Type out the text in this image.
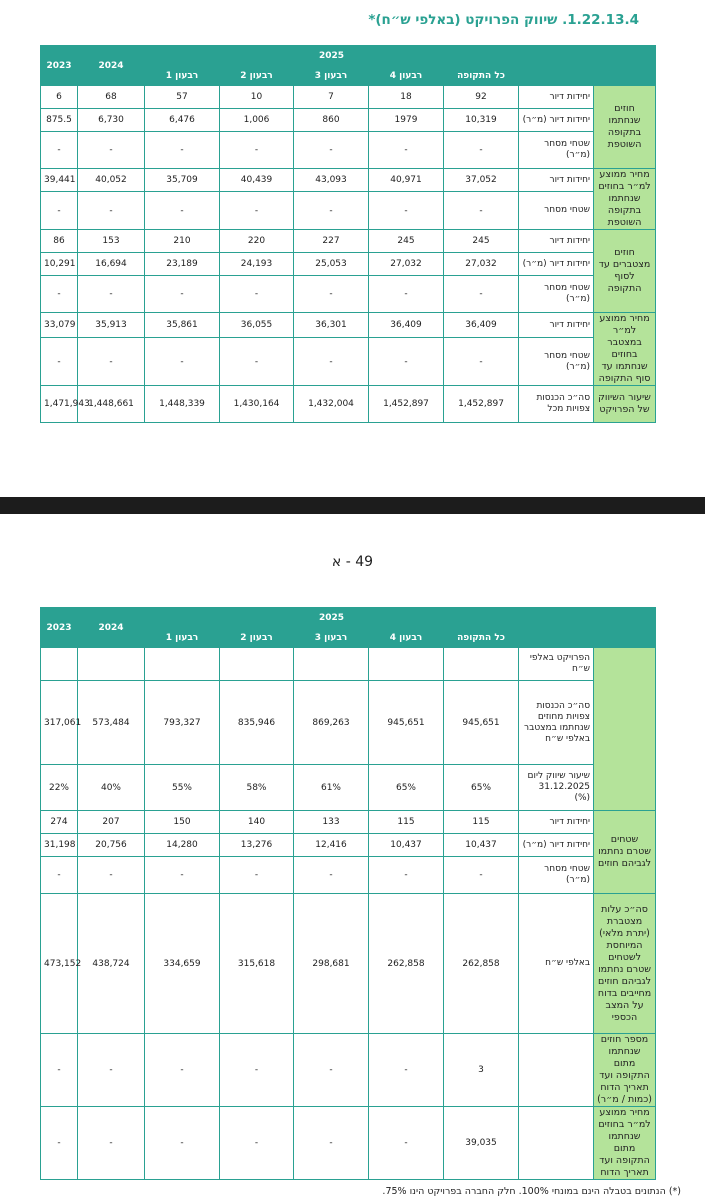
1.22.13.4. שיווק הפרויקט (באלפי ש״ח)*
2023	2024	2025						
		רבעון 1	רבעון 2	רבעון 3	רבעון 4	כל התקופה		
6	68	57	10	7	18	92	יחידות דיור	חוזים שנחתמו בתקופה השוטפת
875.5	6,730	6,476	1,006	860	1979	10,319	יחידות דיור (מ״ר)	
-	-	-	-	-	-	-	שטחי מסחר (מ״ר)	
39,441	40,052	35,709	40,439	43,093	40,971	37,052	יחידות דיור	מחיר ממוצע למ״ר בחוזים שנחתמו בתקופה השוטפת
-	-	-	-	-	-	-	שטחי מסחר	
86	153	210	220	227	245	245	יחידות דיור	חוזים מצטברים עד לסוף התקופה
10,291	16,694	23,189	24,193	25,053	27,032	27,032	יחידות דיור (מ״ר)	
-	-	-	-	-	-	-	שטחי מסחר (מ״ר)	
33,079	35,913	35,861	36,055	36,301	36,409	36,409	יחידות דיור	מחיר ממוצע למ״ר במצטבר בחוזים שנחתמו עד סוף התקופה
-	-	-	-	-	-	-	שטחי מסחר (מ״ר)	
1,471,943	1,448,661	1,448,339	1,430,164	1,432,004	1,452,897	1,452,897	סה״כ הכנסות צפויות מכל	שיעור השיווק של הפרויקט
49 - א
2023	2024	2025						
		רבעון 1	רבעון 2	רבעון 3	רבעון 4	כל התקופה		
							הפרויקט באלפי ש״ח	
317,061	573,484	793,327	835,946	869,263	945,651	945,651	סה״כ הכנסות צפויות מחוזים שנחתמו במצטבר באלפי ש״ח	
22%	40%	55%	58%	61%	65%	65%	שיעור שיווק ליום 31.12.2025 (%)	
274	207	150	140	133	115	115	יחידות דיור	שטחים שטרם נחתמו לגביהם חוזים
31,198	20,756	14,280	13,276	12,416	10,437	10,437	יחידות דיור (מ״ר)	
-	-	-	-	-	-	-	שטחי מסחר (מ״ר)	
473,152	438,724	334,659	315,618	298,681	262,858	262,858	באלפי ש״ח	סה״כ עלות מצטברת (יתרת מלאי) המיוחסת לשטחים שטרם נחתמו לגביהם חוזים מחייבים בדוח על המצב הכספי
-	-	-	-	-	-	3		מספר חוזים שנחתמו מתום התקופה ועד תאריך הדוח (כמות / מ״ר)
-	-	-	-	-	-	39,035		מחיר ממוצע למ״ר בחוזים שנחתמו מתום התקופה ועד תאריך הדוח
(*) הנתונים בטבלה הינם במונחי 100%. חלק החברה בפרויקט הינו 75%.
